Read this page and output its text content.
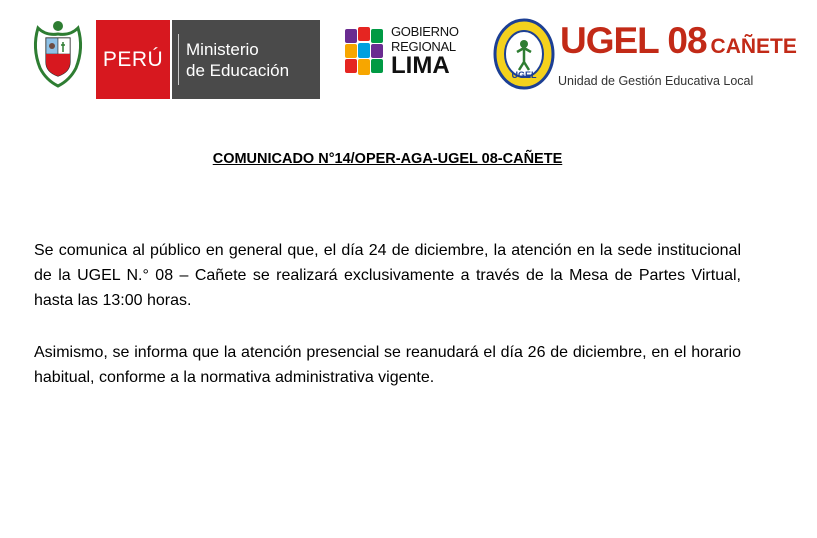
PERÚ Ministerio
de Educación
GOBIERNO
REGIONAL
LIMA	UGEL
UGEL 08 CAÑETE
Unidad de Gestión Educativa Local
COMUNICADO N°14/OPER-AGA-UGEL 08-CAÑETE
Se comunica al público en general que, el día 24 de diciembre, la atención en la sede institucional de la UGEL N.° 08 – Cañete se realizará exclusivamente a través de la Mesa de Partes Virtual, hasta las 13:00 horas.
Asimismo, se informa que la atención presencial se reanudará el día 26 de diciembre, en el horario habitual, conforme a la normativa administrativa vigente.
